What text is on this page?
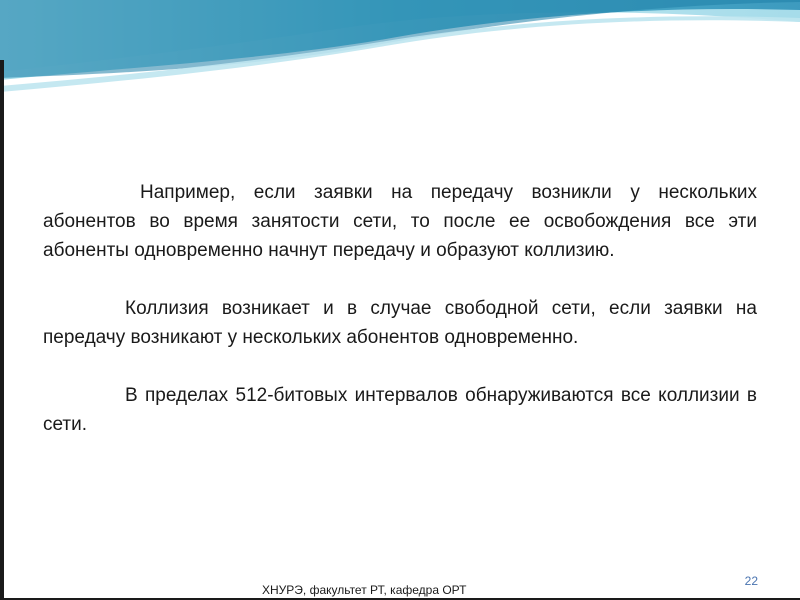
Например, если заявки на передачу возникли у нескольких абонентов во время занятости сети, то после ее освобождения все эти абоненты одновременно начнут передачу и образуют коллизию.

Коллизия возникает и в случае свободной сети, если заявки на передачу возникают у нескольких абонентов одновременно.

В пределах 512-битовых интервалов обнаруживаются все коллизии в сети.

22
ХНУРЭ, факультет РТ, кафедра ОРТ
